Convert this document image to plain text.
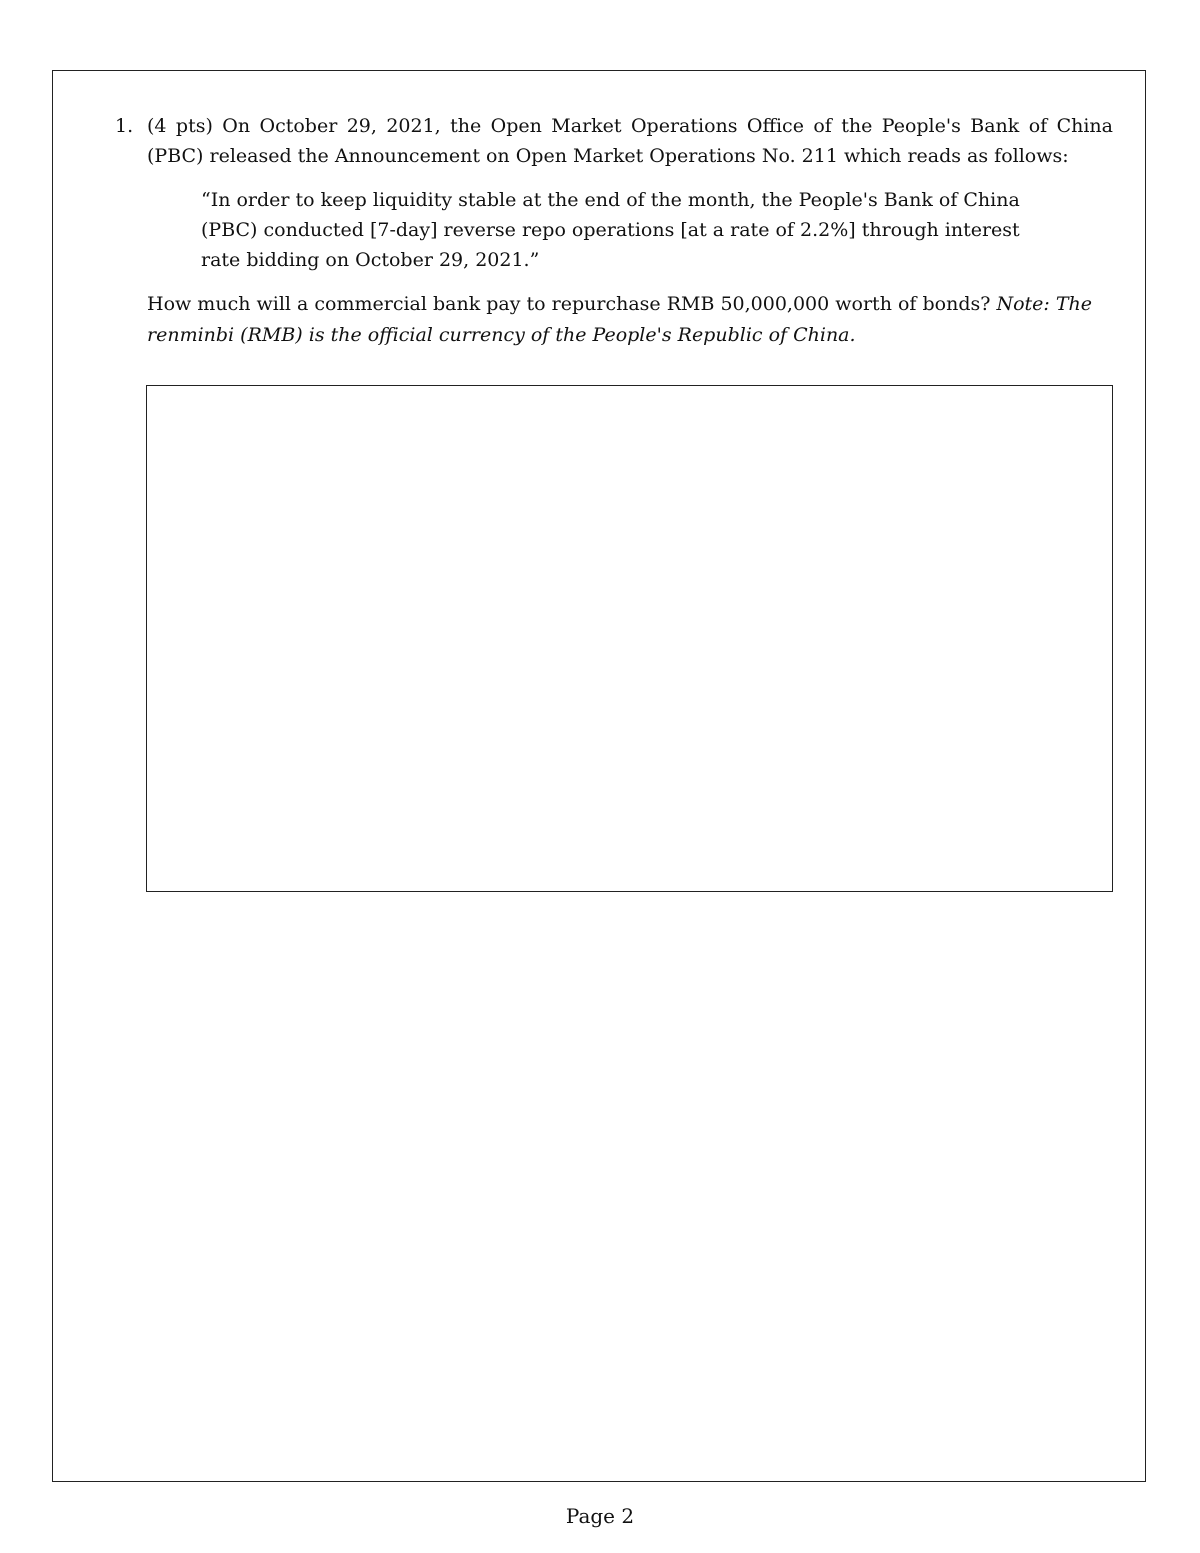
1. (4 pts) On October 29, 2021, the Open Market Operations Office of the People's Bank of China (PBC) released the Announcement on Open Market Operations No. 211 which reads as follows:

“In order to keep liquidity stable at the end of the month, the People's Bank of China (PBC) conducted [7-day] reverse repo operations [at a rate of 2.2%] through interest rate bidding on October 29, 2021.”

How much will a commercial bank pay to repurchase RMB 50,000,000 worth of bonds? Note: The renminbi (RMB) is the official currency of the People's Republic of China.

Page 2
